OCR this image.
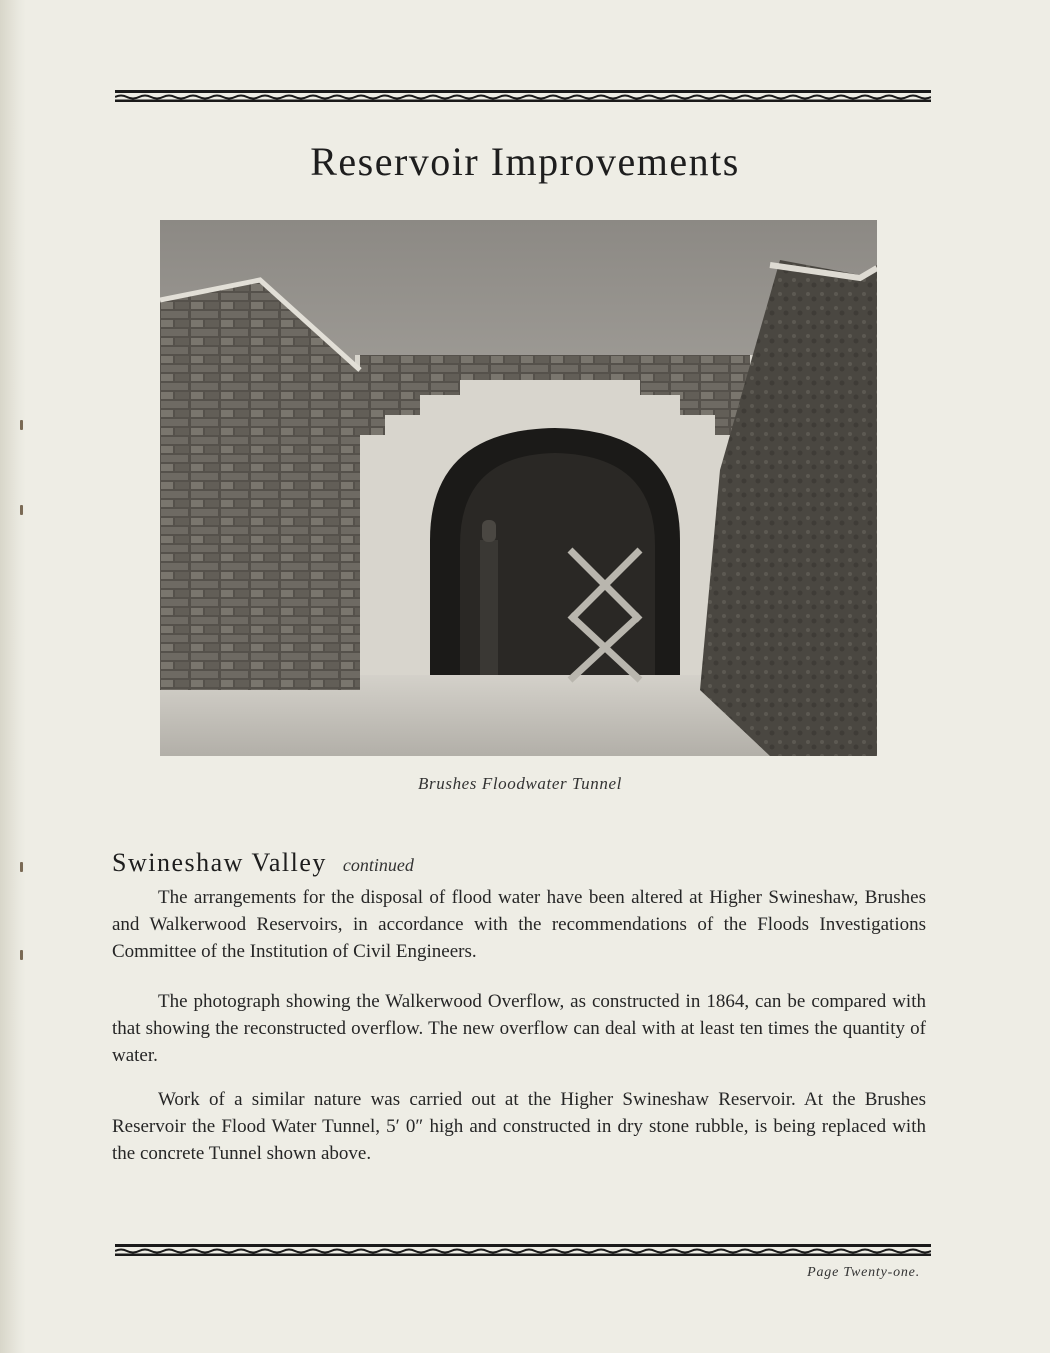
Reservoir Improvements
Brushes Floodwater Tunnel
Swineshaw Valley continued

The arrangements for the disposal of flood water have been altered at Higher Swineshaw, Brushes and Walkerwood Reservoirs, in accordance with the recommendations of the Floods Investigations Committee of the Institution of Civil Engineers.

The photograph showing the Walkerwood Overflow, as constructed in 1864, can be compared with that showing the reconstructed overflow. The new overflow can deal with at least ten times the quantity of water.

Work of a similar nature was carried out at the Higher Swineshaw Reservoir. At the Brushes Reservoir the Flood Water Tunnel, 5′ 0″ high and constructed in dry stone rubble, is being replaced with the concrete Tunnel shown above.

Page Twenty-one.
